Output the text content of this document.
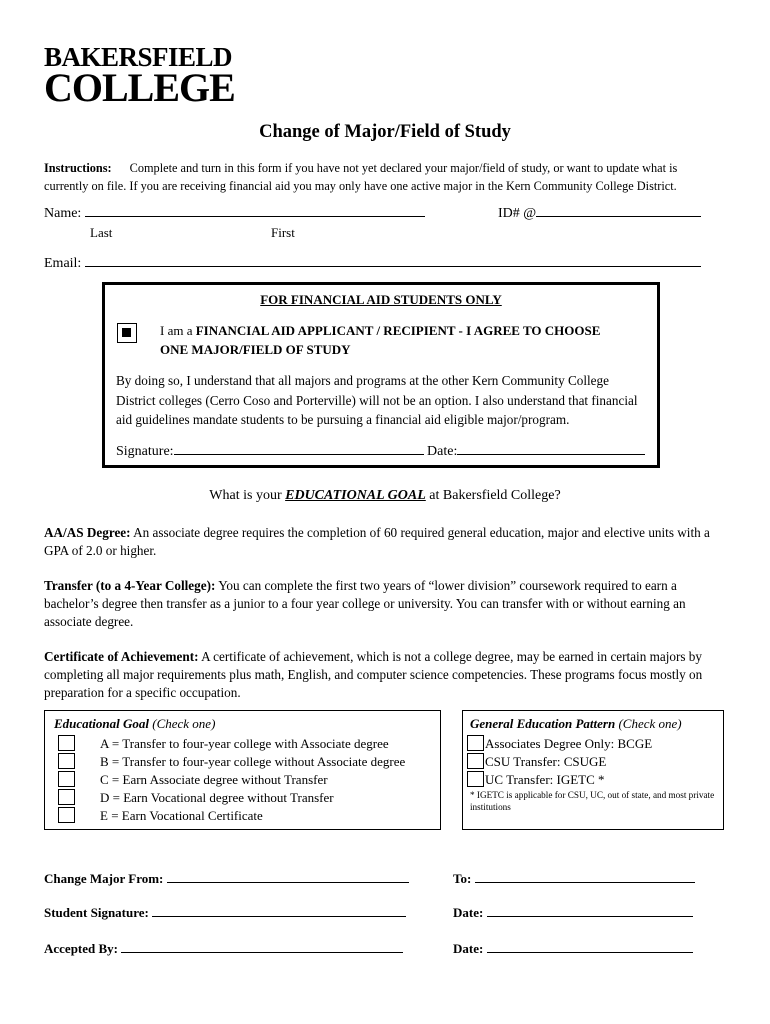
BAKERSFIELD
COLLEGE
Change of Major/Field of Study
Instructions: Complete and turn in this form if you have not yet declared your major/field of study, or want to update what is currently on file. If you are receiving financial aid you may only have one active major in the Kern Community College District.
Name:	ID# @
Last	First
Email:
FOR FINANCIAL AID STUDENTS ONLY
I am a FINANCIAL AID APPLICANT / RECIPIENT - I AGREE TO CHOOSE ONE MAJOR/FIELD OF STUDY
By doing so, I understand that all majors and programs at the other Kern Community College District colleges (Cerro Coso and Porterville) will not be an option. I also understand that financial aid guidelines mandate students to be pursuing a financial aid eligible major/program.
Signature:	Date:
What is your EDUCATIONAL GOAL at Bakersfield College?
AA/AS Degree: An associate degree requires the completion of 60 required general education, major and elective units with a GPA of 2.0 or higher.
Transfer (to a 4-Year College): You can complete the first two years of “lower division” coursework required to earn a bachelor’s degree then transfer as a junior to a four year college or university. You can transfer with or without earning an associate degree.
Certificate of Achievement: A certificate of achievement, which is not a college degree, may be earned in certain majors by completing all major requirements plus math, English, and computer science competencies. These programs focus mostly on preparation for a specific occupation.
Educational Goal (Check one)
A = Transfer to four-year college with Associate degree
B = Transfer to four-year college without Associate degree
C = Earn Associate degree without Transfer
D = Earn Vocational degree without Transfer
E = Earn Vocational Certificate
General Education Pattern (Check one)
Associates Degree Only: BCGE
CSU Transfer: CSUGE
UC Transfer: IGETC *
* IGETC is applicable for CSU, UC, out of state, and most private institutions
Change Major From:	To:
Student Signature:	Date:
Accepted By:	Date:
